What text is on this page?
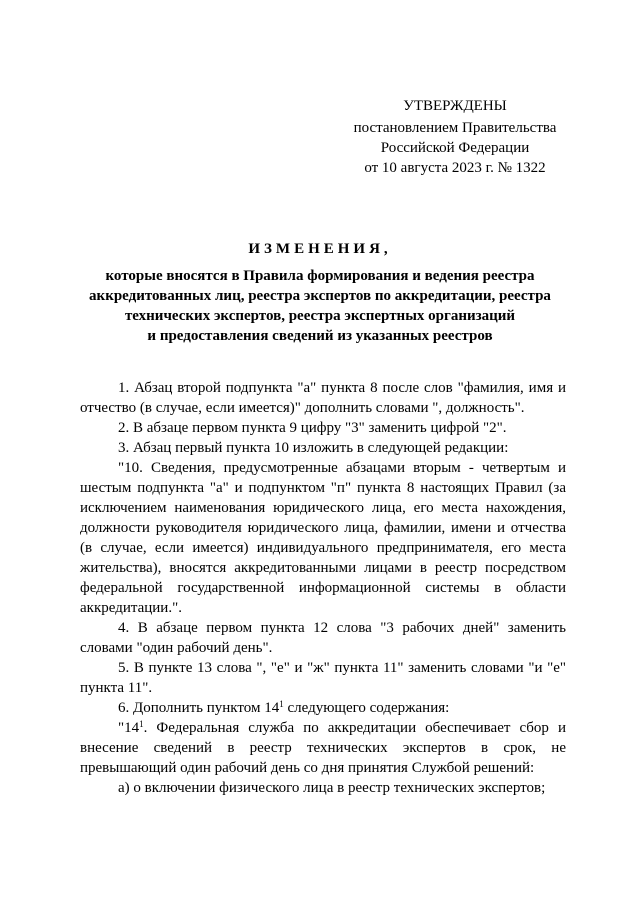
УТВЕРЖДЕНЫ
постановлением Правительства
Российской Федерации
от 10 августа 2023 г. № 1322
ИЗМЕНЕНИЯ,
которые вносятся в Правила формирования и ведения реестра
аккредитованных лиц, реестра экспертов по аккредитации, реестра
технических экспертов, реестра экспертных организаций
и предоставления сведений из указанных реестров

1. Абзац второй подпункта "а" пункта 8 после слов "фамилия, имя и отчество (в случае, если имеется)" дополнить словами ", должность".

2. В абзаце первом пункта 9 цифру "3" заменить цифрой "2".

3. Абзац первый пункта 10 изложить в следующей редакции:

"10. Сведения, предусмотренные абзацами вторым - четвертым и шестым подпункта "а" и подпунктом "п" пункта 8 настоящих Правил (за исключением наименования юридического лица, его места нахождения, должности руководителя юридического лица, фамилии, имени и отчества (в случае, если имеется) индивидуального предпринимателя, его места жительства), вносятся аккредитованными лицами в реестр посредством федеральной государственной информационной системы в области аккредитации.".

4. В абзаце первом пункта 12 слова "3 рабочих дней" заменить словами "один рабочий день".

5. В пункте 13 слова ", "е" и "ж" пункта 11" заменить словами "и "е" пункта 11".

6. Дополнить пунктом $14^1$ следующего содержания:

"$14^1$. Федеральная служба по аккредитации обеспечивает сбор и внесение сведений в реестр технических экспертов в срок, не превышающий один рабочий день со дня принятия Службой решений:

а) о включении физического лица в реестр технических экспертов;
